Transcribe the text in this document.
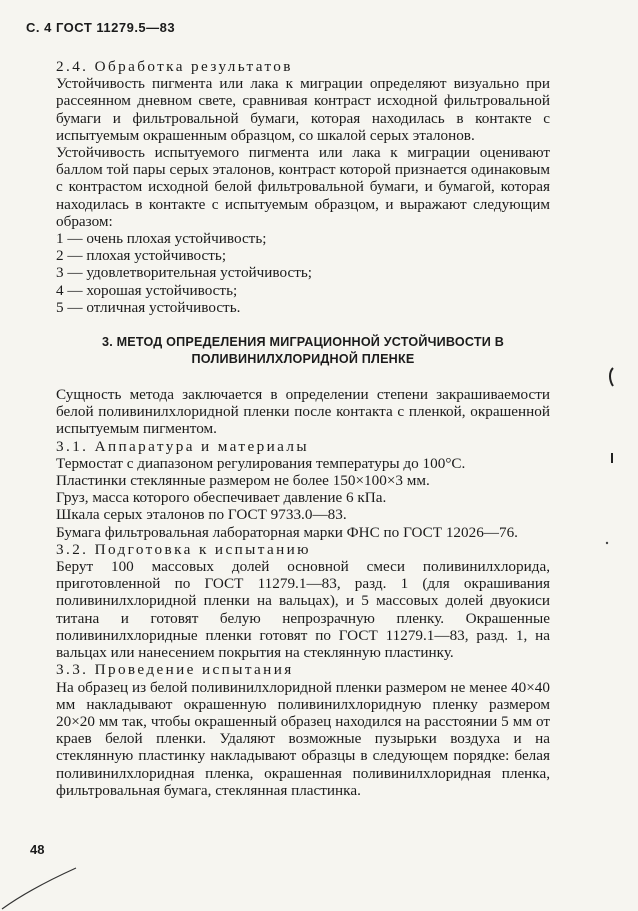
С. 4 ГОСТ 11279.5—83

2.4. Обработка результатов

Устойчивость пигмента или лака к миграции определяют визуально при рассеянном дневном свете, сравнивая контраст исходной фильтровальной бумаги и фильтровальной бумаги, которая находилась в контакте с испытуемым окрашенным образцом, со шкалой серых эталонов.

Устойчивость испытуемого пигмента или лака к миграции оценивают баллом той пары серых эталонов, контраст которой признается одинаковым с контрастом исходной белой фильтровальной бумаги, и бумагой, которая находилась в контакте с испытуемым образцом, и выражают следующим образом:

1 — очень плохая устойчивость;

2 — плохая устойчивость;

3 — удовлетворительная устойчивость;

4 — хорошая устойчивость;

5 — отличная устойчивость.

3. МЕТОД ОПРЕДЕЛЕНИЯ МИГРАЦИОННОЙ УСТОЙЧИВОСТИ В
ПОЛИВИНИЛХЛОРИДНОЙ ПЛЕНКЕ

Сущность метода заключается в определении степени закрашиваемости белой поливинилхлоридной пленки после контакта с пленкой, окрашенной испытуемым пигментом.

3.1. Аппаратура и материалы

Термостат с диапазоном регулирования температуры до 100°С.

Пластинки стеклянные размером не более 150×100×3 мм.

Груз, масса которого обеспечивает давление 6 кПа.

Шкала серых эталонов по ГОСТ 9733.0—83.

Бумага фильтровальная лабораторная марки ФНС по ГОСТ 12026—76.

3.2. Подготовка к испытанию

Берут 100 массовых долей основной смеси поливинилхлорида, приготовленной по ГОСТ 11279.1—83, разд. 1 (для окрашивания поливинилхлоридной пленки на вальцах), и 5 массовых долей двуокиси титана и готовят белую непрозрачную пленку. Окрашенные поливинилхлоридные пленки готовят по ГОСТ 11279.1—83, разд. 1, на вальцах или нанесением покрытия на стеклянную пластинку.

3.3. Проведение испытания

На образец из белой поливинилхлоридной пленки размером не менее 40×40 мм накладывают окрашенную поливинилхлоридную пленку размером 20×20 мм так, чтобы окрашенный образец находился на расстоянии 5 мм от краев белой пленки. Удаляют возможные пузырьки воздуха и на стеклянную пластинку накладывают образцы в следующем порядке: белая поливинилхлоридная пленка, окрашенная поливинилхлоридная пленка, фильтровальная бумага, стеклянная пластинка.

48
